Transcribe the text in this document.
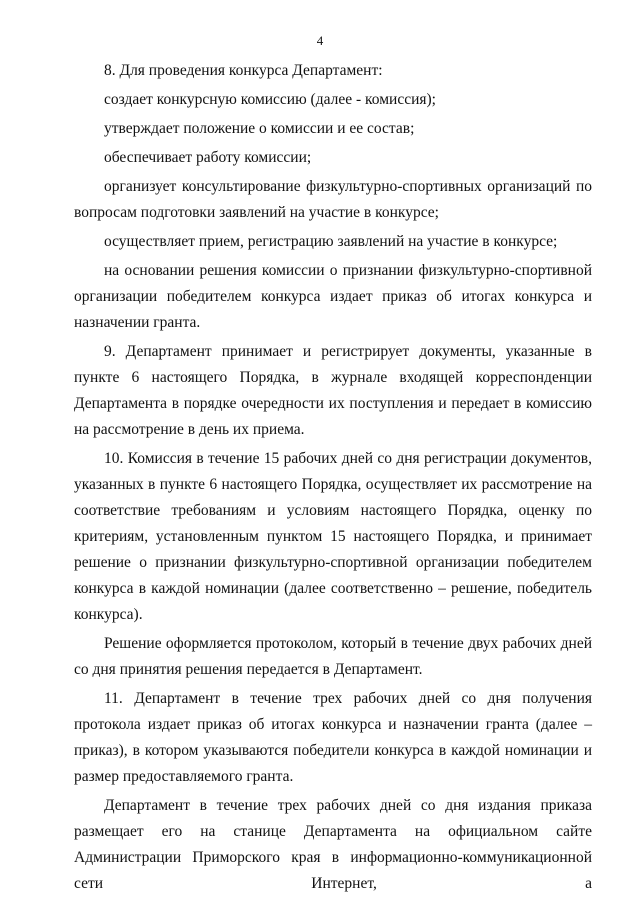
4

8. Для проведения конкурса Департамент:

создает конкурсную комиссию (далее - комиссия);

утверждает положение о комиссии и ее состав;

обеспечивает работу комиссии;

организует консультирование физкультурно-спортивных организаций по вопросам подготовки заявлений на участие в конкурсе;

осуществляет прием, регистрацию заявлений на участие в конкурсе;

на основании решения комиссии о признании физкультурно-спортивной организации победителем конкурса издает приказ об итогах конкурса и назначении гранта.

9. Департамент принимает и регистрирует документы, указанные в пункте 6 настоящего Порядка, в журнале входящей корреспонденции Департамента в порядке очередности их поступления и передает в комиссию на рассмотрение в день их приема.

10. Комиссия в течение 15 рабочих дней со дня регистрации документов, указанных в пункте 6 настоящего Порядка, осуществляет их рассмотрение на соответствие требованиям и условиям настоящего Порядка, оценку по критериям, установленным пунктом 15 настоящего Порядка, и принимает решение о признании физкультурно-спортивной организации победителем конкурса в каждой номинации (далее соответственно – решение, победитель конкурса).

Решение оформляется протоколом, который в течение двух рабочих дней со дня принятия решения передается в Департамент.

11. Департамент в течение трех рабочих дней со дня получения протокола издает приказ об итогах конкурса и назначении гранта (далее – приказ), в котором указываются победители конкурса в каждой номинации и размер предоставляемого гранта.

Департамент в течение трех рабочих дней со дня издания приказа размещает его на станице Департамента на официальном сайте Администрации Приморского края в информационно-коммуникационной сети Интернет, а
